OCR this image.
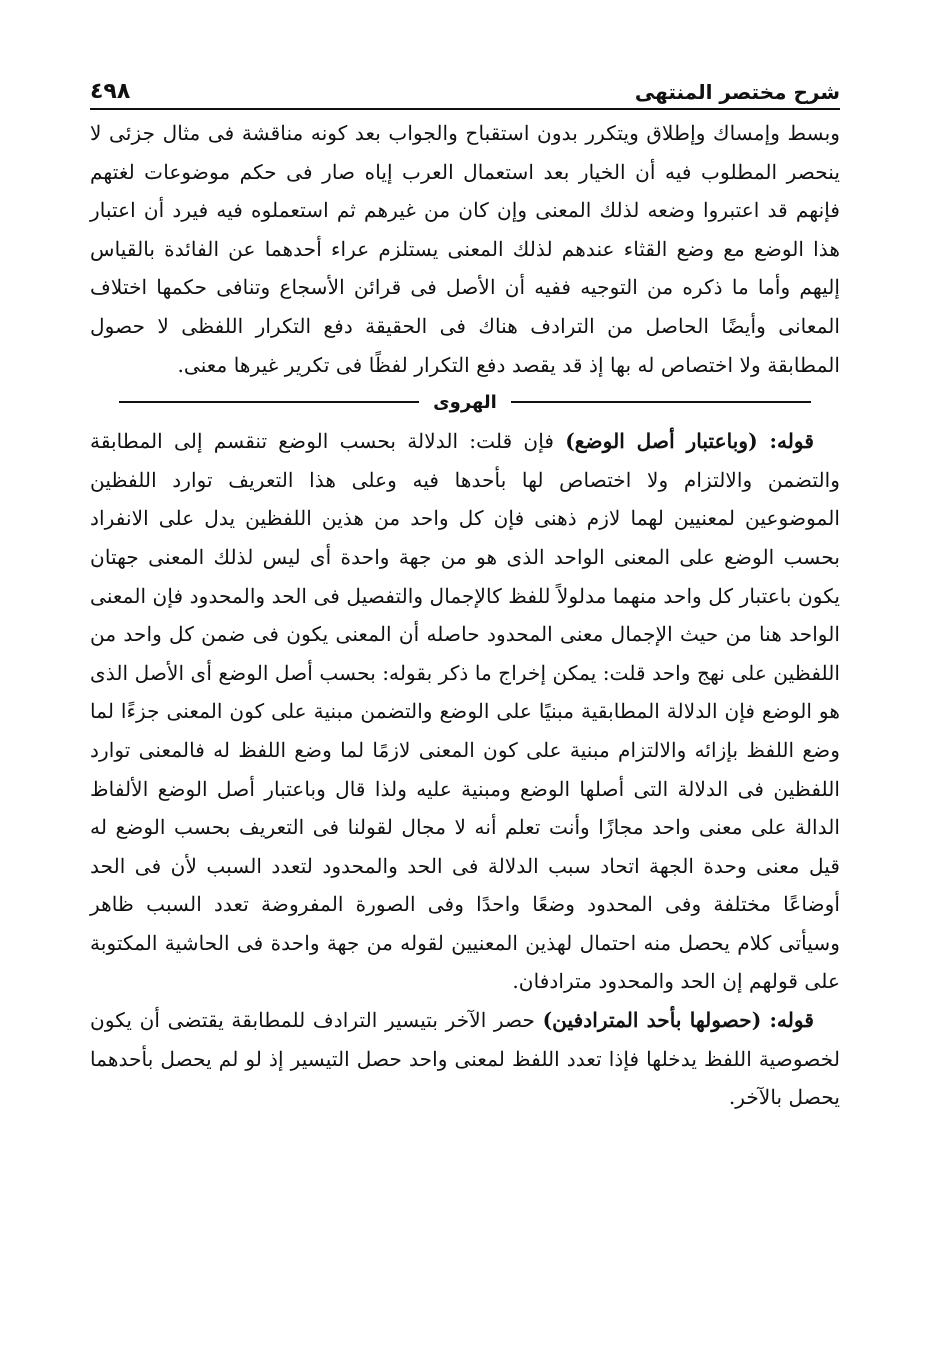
شرح مختصر المنتهى
٤٩٨

وبسط وإمساك وإطلاق ويتكرر بدون استقباح والجواب بعد كونه مناقشة فى مثال جزئى لا ينحصر المطلوب فيه أن الخيار بعد استعمال العرب إياه صار فى حكم موضوعات لغتهم فإنهم قد اعتبروا وضعه لذلك المعنى وإن كان من غيرهم ثم استعملوه فيه فيرد أن اعتبار هذا الوضع مع وضع القثاء عندهم لذلك المعنى يستلزم عراء أحدهما عن الفائدة بالقياس إليهم وأما ما ذكره من التوجيه ففيه أن الأصل فى قرائن الأسجاع وتنافى حكمها اختلاف المعانى وأيضًا الحاصل من الترادف هناك فى الحقيقة دفع التكرار اللفظى لا حصول المطابقة ولا اختصاص له بها إذ قد يقصد دفع التكرار لفظًا فى تكرير غيرها معنى.

الهروى

قوله: (وباعتبار أصل الوضع) فإن قلت: الدلالة بحسب الوضع تنقسم إلى المطابقة والتضمن والالتزام ولا اختصاص لها بأحدها فيه وعلى هذا التعريف توارد اللفظين الموضوعين لمعنيين لهما لازم ذهنى فإن كل واحد من هذين اللفظين يدل على الانفراد بحسب الوضع على المعنى الواحد الذى هو من جهة واحدة أى ليس لذلك المعنى جهتان يكون باعتبار كل واحد منهما مدلولاً للفظ كالإجمال والتفصيل فى الحد والمحدود فإن المعنى الواحد هنا من حيث الإجمال معنى المحدود حاصله أن المعنى يكون فى ضمن كل واحد من اللفظين على نهج واحد قلت: يمكن إخراج ما ذكر بقوله: بحسب أصل الوضع أى الأصل الذى هو الوضع فإن الدلالة المطابقية مبنيًا على الوضع والتضمن مبنية على كون المعنى جزءًا لما وضع اللفظ بإزائه والالتزام مبنية على كون المعنى لازمًا لما وضع اللفظ له فالمعنى توارد اللفظين فى الدلالة التى أصلها الوضع ومبنية عليه ولذا قال وباعتبار أصل الوضع الألفاظ الدالة على معنى واحد مجازًا وأنت تعلم أنه لا مجال لقولنا فى التعريف بحسب الوضع له قيل معنى وحدة الجهة اتحاد سبب الدلالة فى الحد والمحدود لتعدد السبب لأن فى الحد أوضاعًا مختلفة وفى المحدود وضعًا واحدًا وفى الصورة المفروضة تعدد السبب ظاهر وسيأتى كلام يحصل منه احتمال لهذين المعنيين لقوله من جهة واحدة فى الحاشية المكتوبة على قولهم إن الحد والمحدود مترادفان.

قوله: (حصولها بأحد المترادفين) حصر الآخر بتيسير الترادف للمطابقة يقتضى أن يكون لخصوصية اللفظ يدخلها فإذا تعدد اللفظ لمعنى واحد حصل التيسير إذ لو لم يحصل بأحدهما يحصل بالآخر.
